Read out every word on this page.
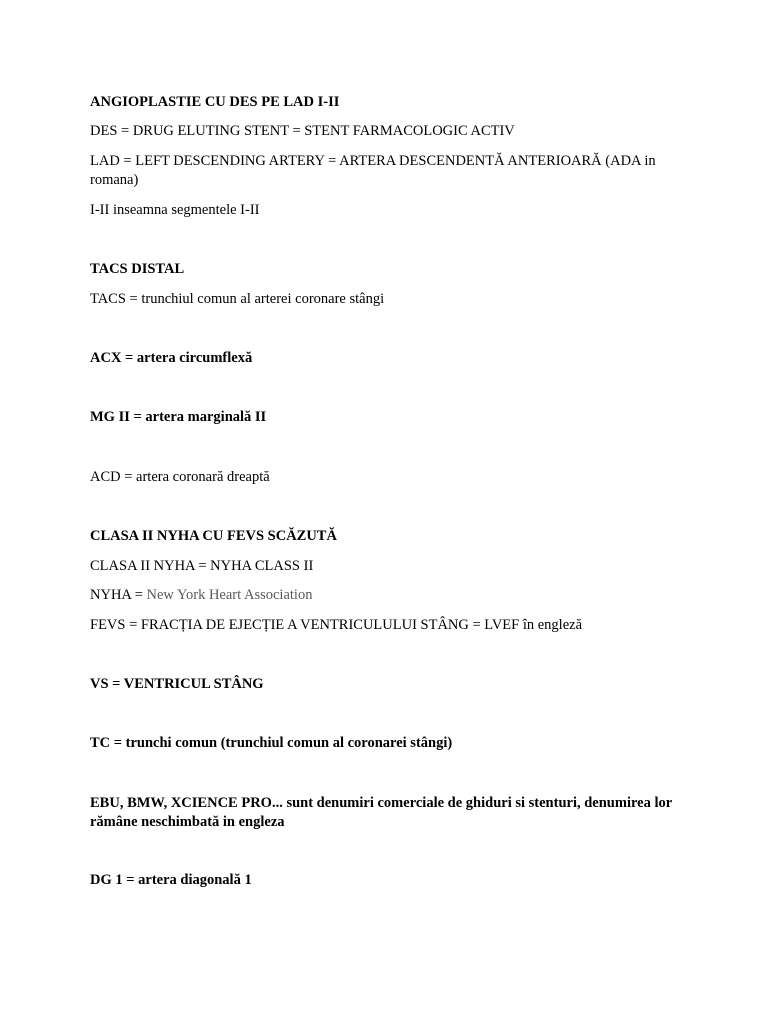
ANGIOPLASTIE CU DES PE LAD I-II

DES = DRUG ELUTING STENT = STENT FARMACOLOGIC ACTIV

LAD = LEFT DESCENDING ARTERY = ARTERA DESCENDENTĂ ANTERIOARĂ (ADA in romana)

I-II inseamna segmentele I-II

TACS DISTAL

TACS = trunchiul comun al arterei coronare stângi

ACX = artera circumflexă

MG II = artera marginală II

ACD = artera coronară dreaptă

CLASA II NYHA CU FEVS SCĂZUTĂ

CLASA II NYHA = NYHA CLASS II

NYHA = New York Heart Association

FEVS = FRACȚIA DE EJECȚIE A VENTRICULULUI STÂNG = LVEF în engleză

VS = VENTRICUL STÂNG

TC = trunchi comun (trunchiul comun al coronarei stângi)

EBU, BMW, XCIENCE PRO... sunt denumiri comerciale de ghiduri si stenturi, denumirea lor rămâne neschimbată in engleza

DG 1 = artera diagonală 1
